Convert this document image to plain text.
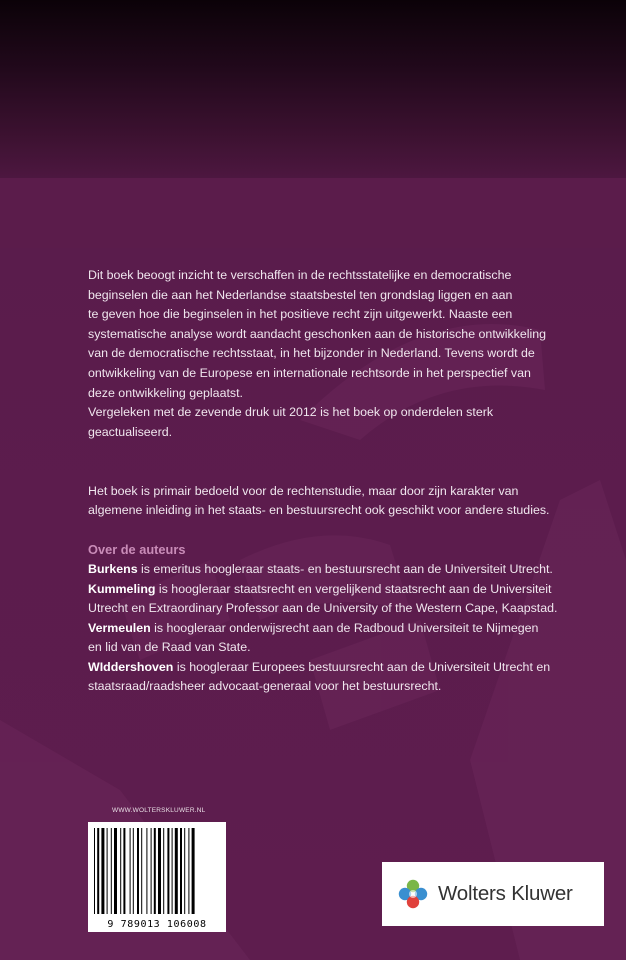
Dit boek beoogt inzicht te verschaffen in de rechtsstatelijke en democratische

beginselen die aan het Nederlandse staatsbestel ten grondslag liggen en aan

te geven hoe die beginselen in het positieve recht zijn uitgewerkt. Naaste een

systematische analyse wordt aandacht geschonken aan de historische ontwikkeling

van de democratische rechtsstaat, in het bijzonder in Nederland. Tevens wordt de

ontwikkeling van de Europese en internationale rechtsorde in het perspectief van

deze ontwikkeling geplaatst.

Vergeleken met de zevende druk uit 2012 is het boek op onderdelen sterk

geactualiseerd.

Het boek is primair bedoeld voor de rechtenstudie, maar door zijn karakter van

algemene inleiding in het staats- en bestuursrecht ook geschikt voor andere studies.

Over de auteurs

Burkens is emeritus hoogleraar staats- en bestuursrecht aan de Universiteit Utrecht.

Kummeling is hoogleraar staatsrecht en vergelijkend staatsrecht aan de Universiteit

Utrecht en Extraordinary Professor aan de University of the Western Cape, Kaapstad.

Vermeulen is hoogleraar onderwijsrecht aan de Radboud Universiteit te Nijmegen

en lid van de Raad van State.

WIddershoven is hoogleraar Europees bestuursrecht aan de Universiteit Utrecht en

staatsraad/raadsheer advocaat-generaal voor het bestuursrecht.

WWW.WOLTERSKLUWER.NL
9 789013 106008
Wolters Kluwer
